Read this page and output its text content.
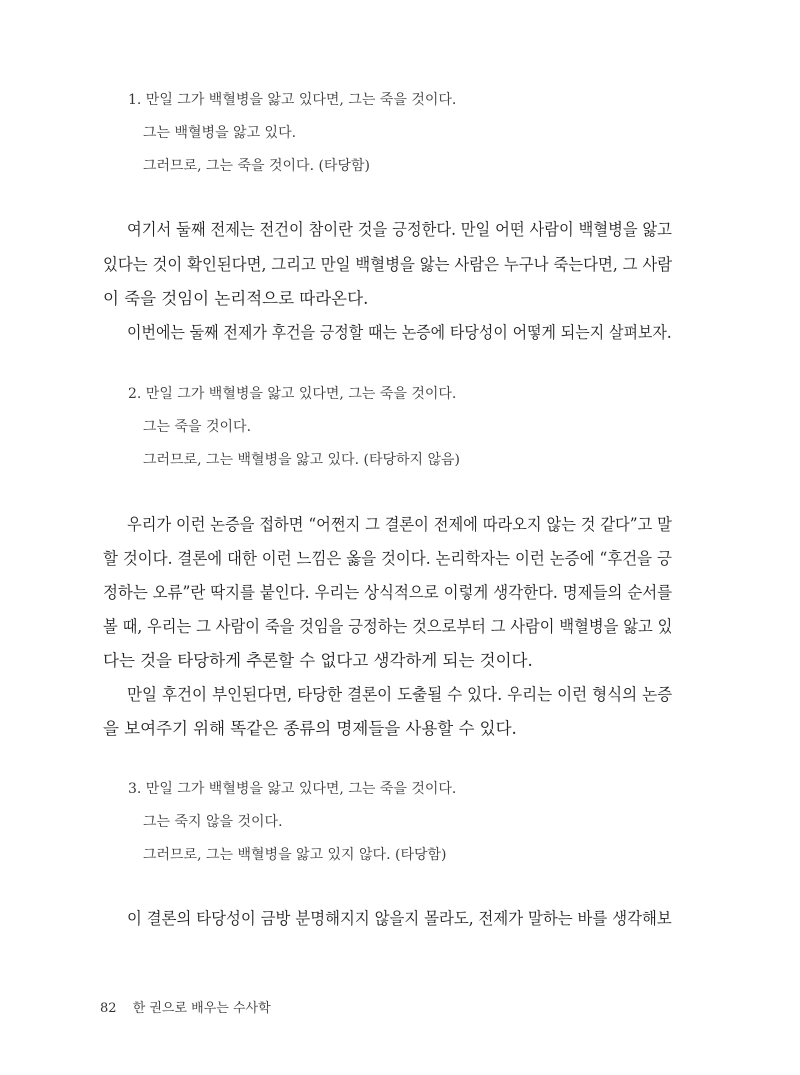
1. 만일 그가 백혈병을 앓고 있다면, 그는 죽을 것이다.
그는 백혈병을 앓고 있다.
그러므로, 그는 죽을 것이다. (타당함)
여기서 둘째 전제는 전건이 참이란 것을 긍정한다. 만일 어떤 사람이 백혈병을 앓고
있다는 것이 확인된다면, 그리고 만일 백혈병을 앓는 사람은 누구나 죽는다면, 그 사람
이 죽을 것임이 논리적으로 따라온다.
이번에는 둘째 전제가 후건을 긍정할 때는 논증에 타당성이 어떻게 되는지 살펴보자.
2. 만일 그가 백혈병을 앓고 있다면, 그는 죽을 것이다.
그는 죽을 것이다.
그러므로, 그는 백혈병을 앓고 있다. (타당하지 않음)
우리가 이런 논증을 접하면 “어쩐지 그 결론이 전제에 따라오지 않는 것 같다”고 말
할 것이다. 결론에 대한 이런 느낌은 옳을 것이다. 논리학자는 이런 논증에 “후건을 긍
정하는 오류”란 딱지를 붙인다. 우리는 상식적으로 이렇게 생각한다. 명제들의 순서를
볼 때, 우리는 그 사람이 죽을 것임을 긍정하는 것으로부터 그 사람이 백혈병을 앓고 있
다는 것을 타당하게 추론할 수 없다고 생각하게 되는 것이다.
만일 후건이 부인된다면, 타당한 결론이 도출될 수 있다. 우리는 이런 형식의 논증
을 보여주기 위해 똑같은 종류의 명제들을 사용할 수 있다.
3. 만일 그가 백혈병을 앓고 있다면, 그는 죽을 것이다.
그는 죽지 않을 것이다.
그러므로, 그는 백혈병을 앓고 있지 않다. (타당함)
이 결론의 타당성이 금방 분명해지지 않을지 몰라도, 전제가 말하는 바를 생각해보
82 한 권으로 배우는 수사학
